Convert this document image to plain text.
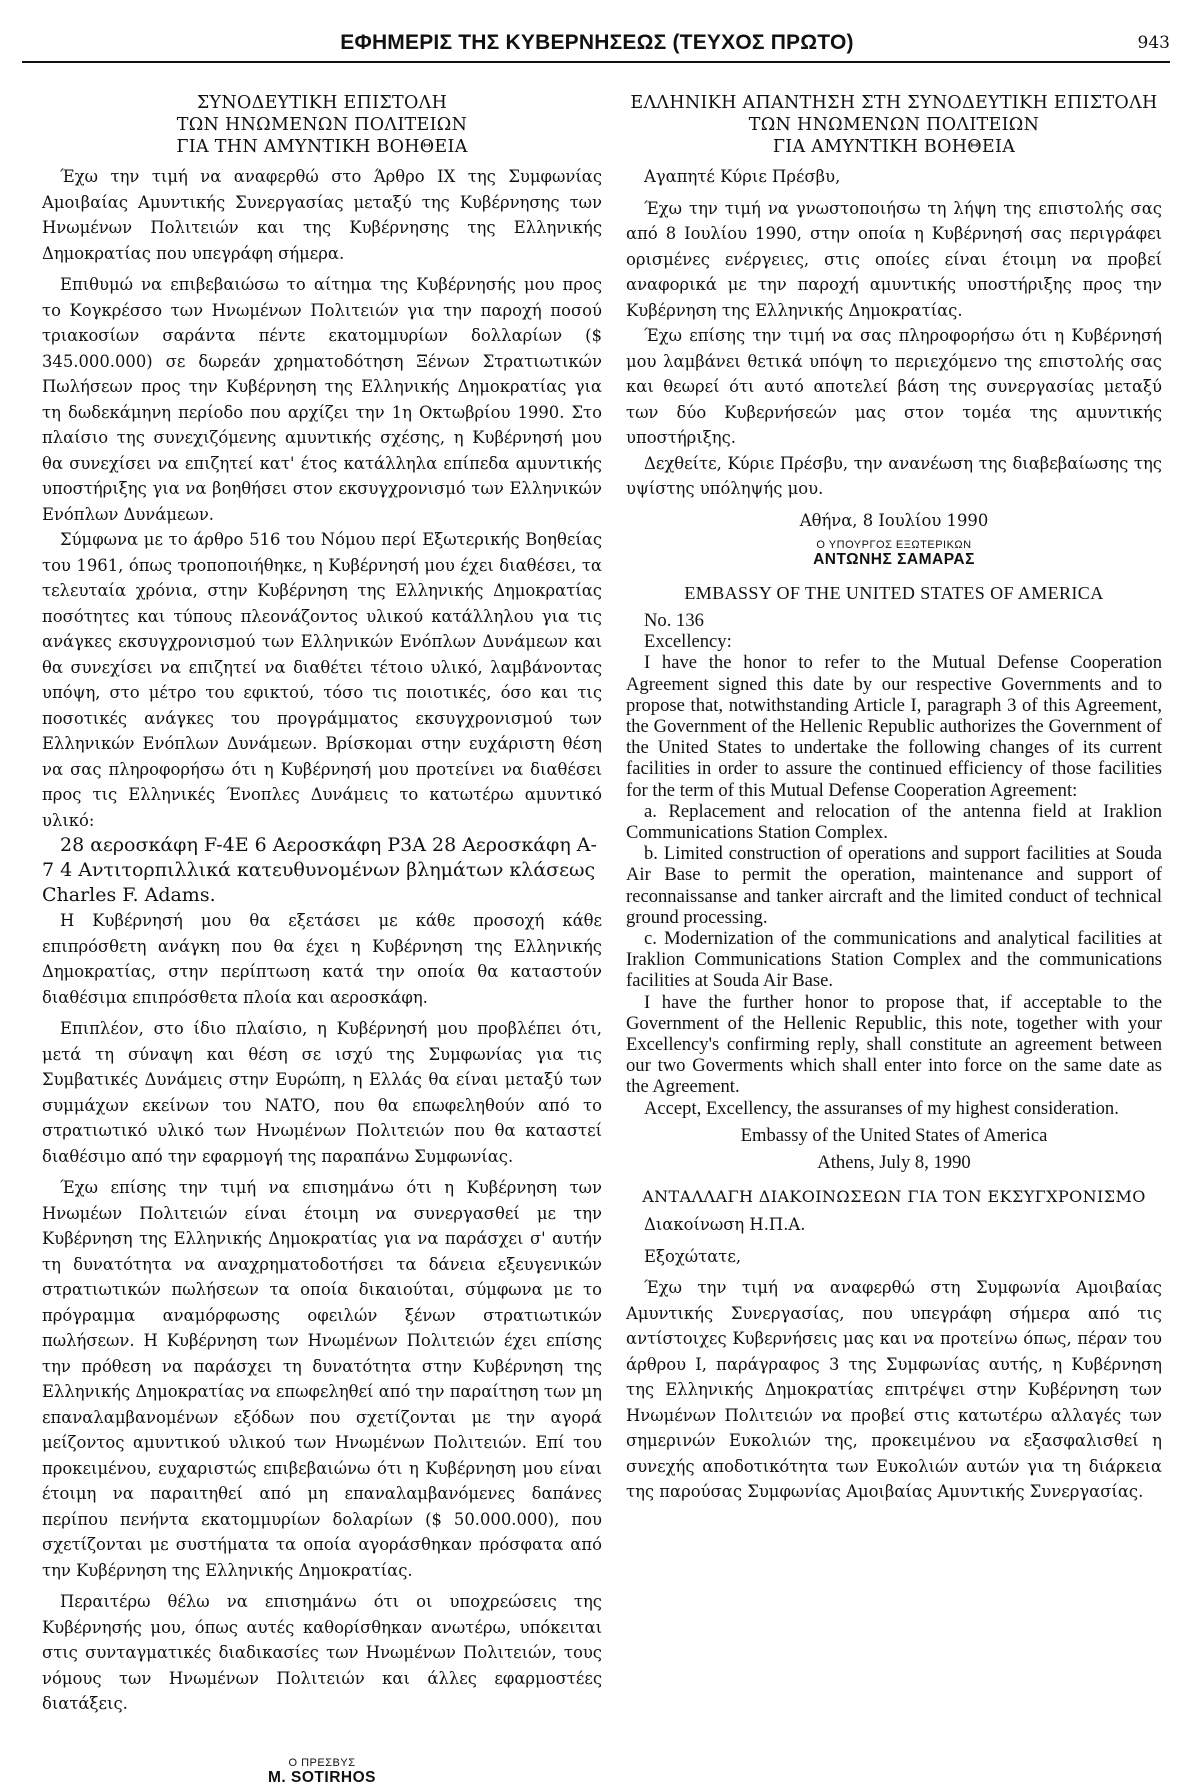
ΕΦΗΜΕΡΙΣ ΤΗΣ ΚΥΒΕΡΝΗΣΕΩΣ (ΤΕΥΧΟΣ ΠΡΩΤΟ)	943
ΣΥΝΟΔΕΥΤΙΚΗ ΕΠΙΣΤΟΛΗ
ΤΩΝ ΗΝΩΜΕΝΩΝ ΠΟΛΙΤΕΙΩΝ
ΓΙΑ ΤΗΝ ΑΜΥΝΤΙΚΗ ΒΟΗΘΕΙΑ

Έχω την τιμή να αναφερθώ στο Άρθρο IX της Συμφωνίας Αμοιβαίας Αμυντικής Συνεργασίας μεταξύ της Κυβέρνησης των Ηνωμένων Πολιτειών και της Κυβέρνησης της Ελληνικής Δημοκρατίας που υπεγράφη σήμερα.

Επιθυμώ να επιβεβαιώσω το αίτημα της Κυβέρνησής μου προς το Κογκρέσσο των Ηνωμένων Πολιτειών για την παροχή ποσού τριακοσίων σαράντα πέντε εκατομμυρίων δολλαρίων ($ 345.000.000) σε δωρεάν χρηματοδότηση Ξένων Στρατιωτικών Πωλήσεων προς την Κυβέρνηση της Ελληνικής Δημοκρατίας για τη δωδεκάμηνη περίοδο που αρχίζει την 1η Οκτωβρίου 1990. Στο πλαίσιο της συνεχιζόμενης αμυντικής σχέσης, η Κυβέρνησή μου θα συνεχίσει να επιζητεί κατ' έτος κατάλληλα επίπεδα αμυντικής υποστήριξης για να βοηθήσει στον εκσυγχρονισμό των Ελληνικών Ενόπλων Δυνάμεων.

Σύμφωνα με το άρθρο 516 του Νόμου περί Εξωτερικής Βοηθείας του 1961, όπως τροποποιήθηκε, η Κυβέρνησή μου έχει διαθέσει, τα τελευταία χρόνια, στην Κυβέρνηση της Ελληνικής Δημοκρατίας ποσότητες και τύπους πλεονάζοντος υλικού κατάλληλου για τις ανάγκες εκσυγχρονισμού των Ελληνικών Ενόπλων Δυνάμεων και θα συνεχίσει να επιζητεί να διαθέτει τέτοιο υλικό, λαμβάνοντας υπόψη, στο μέτρο του εφικτού, τόσο τις ποιοτικές, όσο και τις ποσοτικές ανάγκες του προγράμματος εκσυγχρονισμού των Ελληνικών Ενόπλων Δυνάμεων. Βρίσκομαι στην ευχάριστη θέση να σας πληροφορήσω ότι η Κυβέρνησή μου προτείνει να διαθέσει προς τις Ελληνικές Ένοπλες Δυνάμεις το κατωτέρω αμυντικό υλικό:

28 αεροσκάφη F-4E 6 Αεροσκάφη P3A 28 Αεροσκάφη A-7 4 Αντιτορπιλλικά κατευθυνομένων βλημάτων κλάσεως Charles F. Adams.

Η Κυβέρνησή μου θα εξετάσει με κάθε προσοχή κάθε επιπρόσθετη ανάγκη που θα έχει η Κυβέρνηση της Ελληνικής Δημοκρατίας, στην περίπτωση κατά την οποία θα καταστούν διαθέσιμα επιπρόσθετα πλοία και αεροσκάφη.

Επιπλέον, στο ίδιο πλαίσιο, η Κυβέρνησή μου προβλέπει ότι, μετά τη σύναψη και θέση σε ισχύ της Συμφωνίας για τις Συμβατικές Δυνάμεις στην Ευρώπη, η Ελλάς θα είναι μεταξύ των συμμάχων εκείνων του ΝΑΤΟ, που θα επωφεληθούν από το στρατιωτικό υλικό των Ηνωμένων Πολιτειών που θα καταστεί διαθέσιμο από την εφαρμογή της παραπάνω Συμφωνίας.

Έχω επίσης την τιμή να επισημάνω ότι η Κυβέρνηση των Ηνωμέων Πολιτειών είναι έτοιμη να συνεργασθεί με την Κυβέρνηση της Ελληνικής Δημοκρατίας για να παράσχει σ' αυτήν τη δυνατότητα να αναχρηματοδοτήσει τα δάνεια εξευγενικών στρατιωτικών πωλήσεων τα οποία δικαιούται, σύμφωνα με το πρόγραμμα αναμόρφωσης οφειλών ξένων στρατιωτικών πωλήσεων. Η Κυβέρνηση των Ηνωμένων Πολιτειών έχει επίσης την πρόθεση να παράσχει τη δυνατότητα στην Κυβέρνηση της Ελληνικής Δημοκρατίας να επωφεληθεί από την παραίτηση των μη επαναλαμβανομένων εξόδων που σχετίζονται με την αγορά μείζοντος αμυντικού υλικού των Ηνωμένων Πολιτειών. Επί του προκειμένου, ευχαριστώς επιβεβαιώνω ότι η Κυβέρνηση μου είναι έτοιμη να παραιτηθεί από μη επαναλαμβανόμενες δαπάνες περίπου πενήντα εκατομμυρίων δολαρίων ($ 50.000.000), που σχετίζονται με συστήματα τα οποία αγοράσθηκαν πρόσφατα από την Κυβέρνηση της Ελληνικής Δημοκρατίας.

Περαιτέρω θέλω να επισημάνω ότι οι υποχρεώσεις της Κυβέρνησής μου, όπως αυτές καθορίσθηκαν ανωτέρω, υπόκειται στις συνταγματικές διαδικασίες των Ηνωμένων Πολιτειών, τους νόμους των Ηνωμένων Πολιτειών και άλλες εφαρμοστέες διατάξεις.

Ο ΠΡΕΣΒΥΣ
M. SOTIRHOS
ΕΛΛΗΝΙΚΗ ΑΠΑΝΤΗΣΗ ΣΤΗ ΣΥΝΟΔΕΥΤΙΚΗ ΕΠΙΣΤΟΛΗ
ΤΩΝ ΗΝΩΜΕΝΩΝ ΠΟΛΙΤΕΙΩΝ
ΓΙΑ ΑΜΥΝΤΙΚΗ ΒΟΗΘΕΙΑ

Αγαπητέ Κύριε Πρέσβυ,

Έχω την τιμή να γνωστοποιήσω τη λήψη της επιστολής σας από 8 Ιουλίου 1990, στην οποία η Κυβέρνησή σας περιγράφει ορισμένες ενέργειες, στις οποίες είναι έτοιμη να προβεί αναφορικά με την παροχή αμυντικής υποστήριξης προς την Κυβέρνηση της Ελληνικής Δημοκρατίας.

Έχω επίσης την τιμή να σας πληροφορήσω ότι η Κυβέρνησή μου λαμβάνει θετικά υπόψη το περιεχόμενο της επιστολής σας και θεωρεί ότι αυτό αποτελεί βάση της συνεργασίας μεταξύ των δύο Κυβερνήσεών μας στον τομέα της αμυντικής υποστήριξης.

Δεχθείτε, Κύριε Πρέσβυ, την ανανέωση της διαβεβαίωσης της υψίστης υπόληψής μου.

Αθήνα, 8 Ιουλίου 1990

Ο ΥΠΟΥΡΓΟΣ ΕΞΩΤΕΡΙΚΩΝ
ΑΝΤΩΝΗΣ ΣΑΜΑΡΑΣ
EMBASSY OF THE UNITED STATES OF AMERICA

No. 136

Excellency:

I have the honor to refer to the Mutual Defense Cooperation Agreement signed this date by our respective Governments and to propose that, notwithstanding Article I, paragraph 3 of this Agreement, the Government of the Hellenic Republic authorizes the Government of the United States to undertake the following changes of its current facilities in order to assure the continued efficiency of those facilities for the term of this Mutual Defense Cooperation Agreement:

a. Replacement and relocation of the antenna field at Iraklion Communications Station Complex.

b. Limited construction of operations and support facilities at Souda Air Base to permit the operation, maintenance and support of reconnaissanse and tanker aircraft and the limited conduct of technical ground processing.

c. Modernization of the communications and analytical facilities at Iraklion Communications Station Complex and the communications facilities at Souda Air Base.

I have the further honor to propose that, if acceptable to the Government of the Hellenic Republic, this note, together with your Excellency's confirming reply, shall constitute an agreement between our two Goverments which shall enter into force on the same date as the Agreement.

Accept, Excellency, the assuranses of my highest consideration.

Embassy of the United States of America

Athens, July 8, 1990

ΑΝΤΑΛΛΑΓΗ ΔΙΑΚΟΙΝΩΣΕΩΝ ΓΙΑ ΤΟΝ ΕΚΣΥΓΧΡΟΝΙΣΜΟ

Διακοίνωση Η.Π.Α.

Εξοχώτατε,

Έχω την τιμή να αναφερθώ στη Συμφωνία Αμοιβαίας Αμυντικής Συνεργασίας, που υπεγράφη σήμερα από τις αντίστοιχες Κυβερνήσεις μας και να προτείνω όπως, πέραν του άρθρου I, παράγραφος 3 της Συμφωνίας αυτής, η Κυβέρνηση της Ελληνικής Δημοκρατίας επιτρέψει στην Κυβέρνηση των Ηνωμένων Πολιτειών να προβεί στις κατωτέρω αλλαγές των σημερινών Ευκολιών της, προκειμένου να εξασφαλισθεί η συνεχής αποδοτικότητα των Ευκολιών αυτών για τη διάρκεια της παρούσας Συμφωνίας Αμοιβαίας Αμυντικής Συνεργασίας.
